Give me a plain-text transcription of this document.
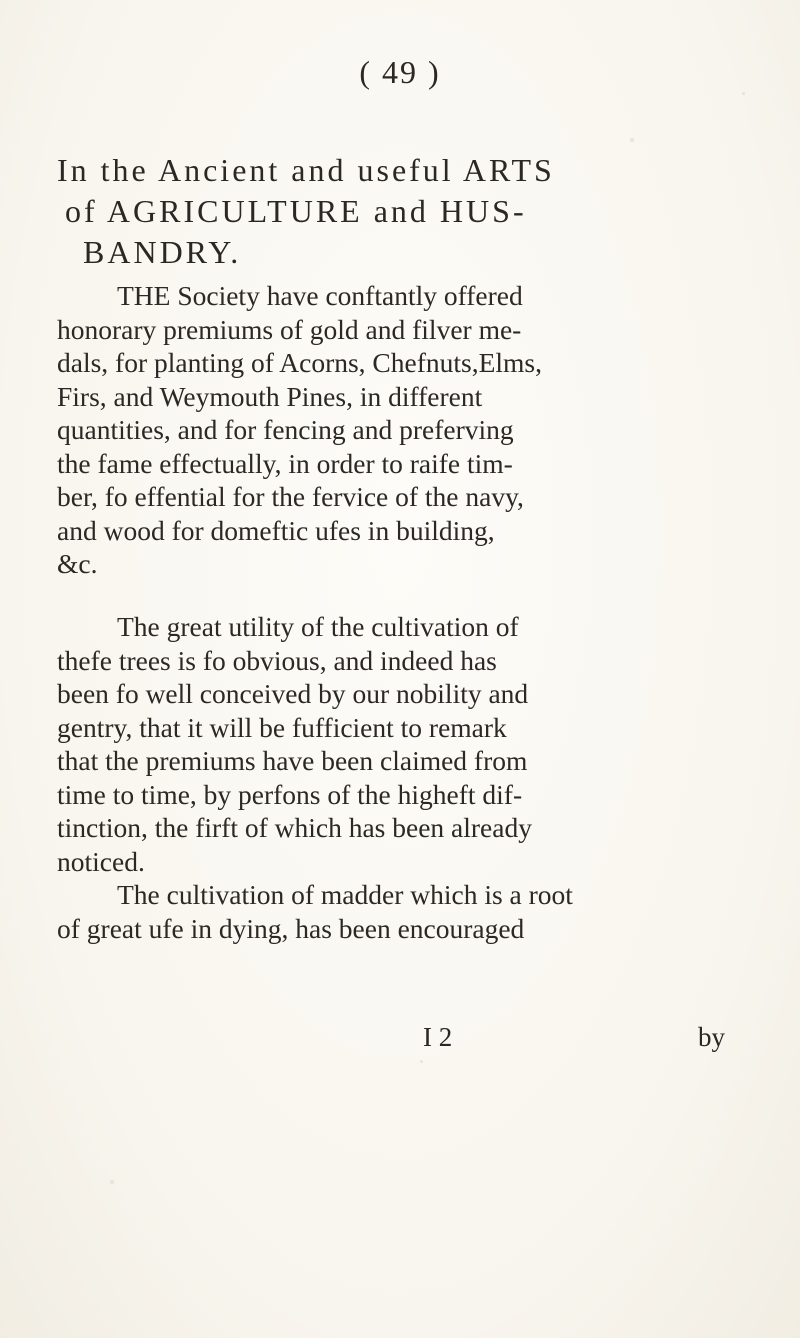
( 49 )
In the Ancient and useful ARTS
of AGRICULTURE and HUS-
BANDRY.
THE Society have conftantly offered
honorary premiums of gold and filver me-
dals, for planting of Acorns, Chefnuts,Elms,
Firs, and Weymouth Pines, in different
quantities, and for fencing and preferving
the fame effectually, in order to raife tim-
ber, fo effential for the fervice of the navy,
and wood for domeftic ufes in building,
&c.
The great utility of the cultivation of
thefe trees is fo obvious, and indeed has
been fo well conceived by our nobility and
gentry, that it will be fufficient to remark
that the premiums have been claimed from
time to time, by perfons of the higheft dif-
tinction, the firft of which has been already
noticed.
The cultivation of madder which is a root
of great ufe in dying, has been encouraged
I 2	by
